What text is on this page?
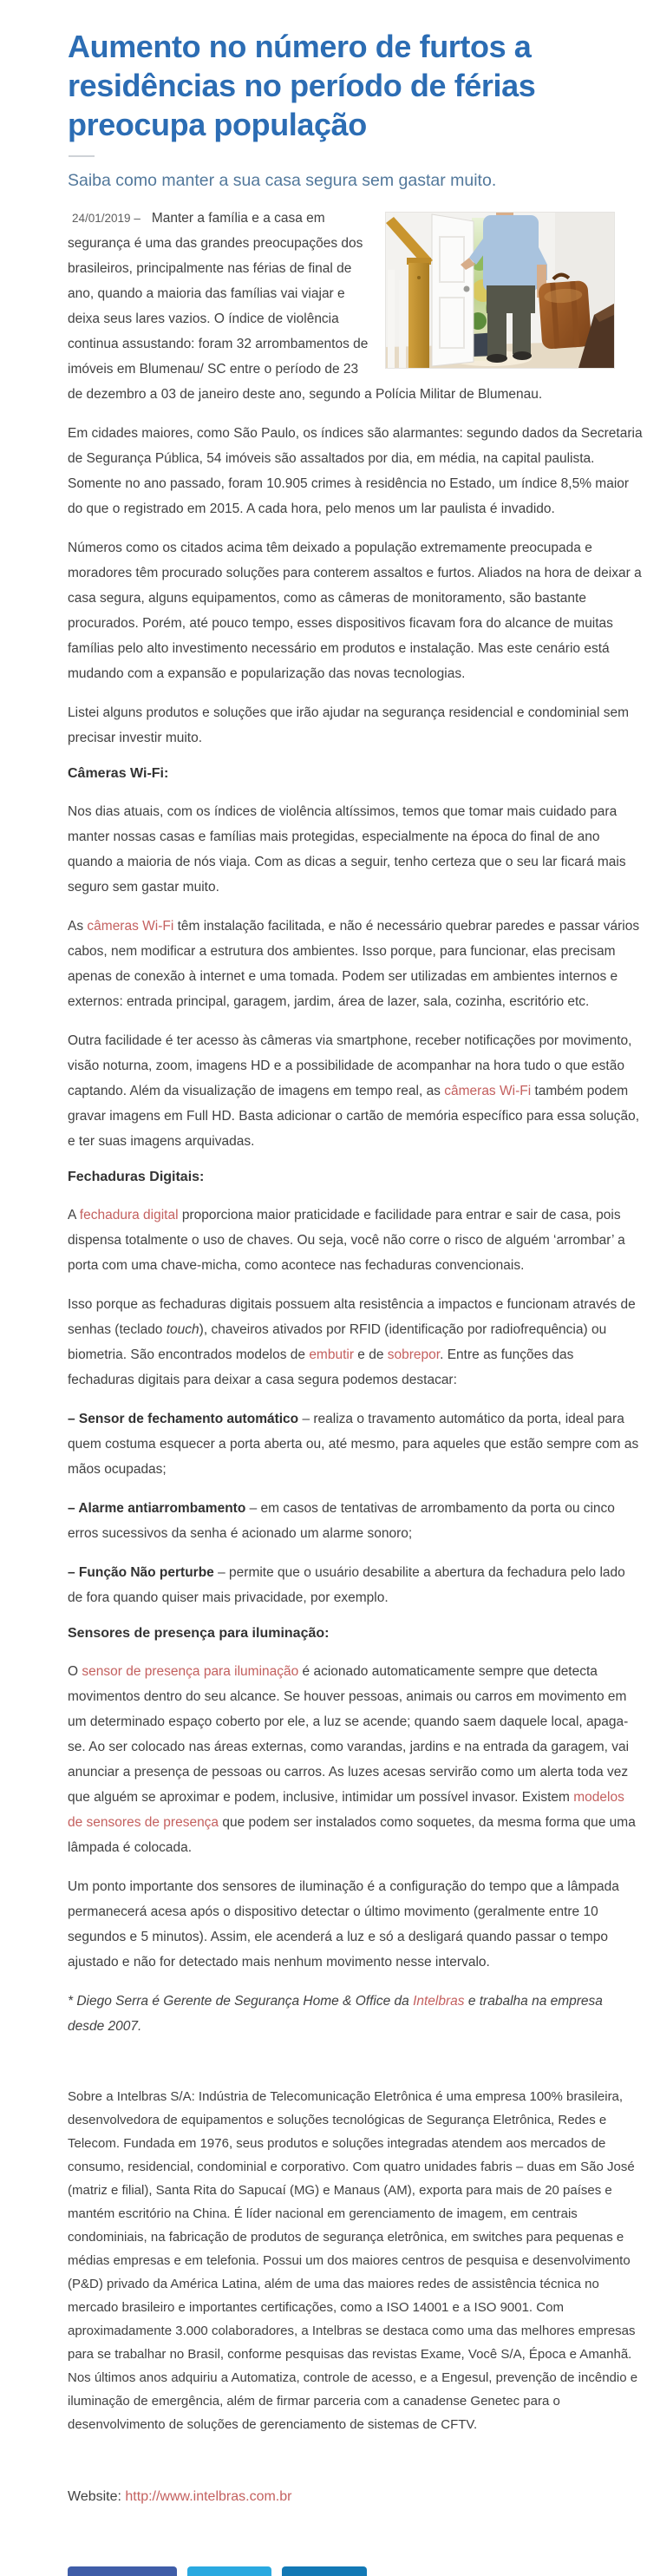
Aumento no número de furtos a residências no período de férias preocupa população
Saiba como manter a sua casa segura sem gastar muito.

24/01/2019 – Manter a família e a casa em segurança é uma das grandes preocupações dos brasileiros, principalmente nas férias de final de ano, quando a maioria das famílias vai viajar e deixa seus lares vazios. O índice de violência continua assustando: foram 32 arrombamentos de imóveis em Blumenau/ SC entre o período de 23 de dezembro a 03 de janeiro deste ano, segundo a Polícia Militar de Blumenau.

Em cidades maiores, como São Paulo, os índices são alarmantes: segundo dados da Secretaria de Segurança Pública, 54 imóveis são assaltados por dia, em média, na capital paulista. Somente no ano passado, foram 10.905 crimes à residência no Estado, um índice 8,5% maior do que o registrado em 2015. A cada hora, pelo menos um lar paulista é invadido.

Números como os citados acima têm deixado a população extremamente preocupada e moradores têm procurado soluções para conterem assaltos e furtos. Aliados na hora de deixar a casa segura, alguns equipamentos, como as câmeras de monitoramento, são bastante procurados. Porém, até pouco tempo, esses dispositivos ficavam fora do alcance de muitas famílias pelo alto investimento necessário em produtos e instalação. Mas este cenário está mudando com a expansão e popularização das novas tecnologias.

Listei alguns produtos e soluções que irão ajudar na segurança residencial e condominial sem precisar investir muito.

Câmeras Wi-Fi:

Nos dias atuais, com os índices de violência altíssimos, temos que tomar mais cuidado para manter nossas casas e famílias mais protegidas, especialmente na época do final de ano quando a maioria de nós viaja. Com as dicas a seguir, tenho certeza que o seu lar ficará mais seguro sem gastar muito.

As câmeras Wi-Fi têm instalação facilitada, e não é necessário quebrar paredes e passar vários cabos, nem modificar a estrutura dos ambientes. Isso porque, para funcionar, elas precisam apenas de conexão à internet e uma tomada. Podem ser utilizadas em ambientes internos e externos: entrada principal, garagem, jardim, área de lazer, sala, cozinha, escritório etc.

Outra facilidade é ter acesso às câmeras via smartphone, receber notificações por movimento, visão noturna, zoom, imagens HD e a possibilidade de acompanhar na hora tudo o que estão captando. Além da visualização de imagens em tempo real, as câmeras Wi-Fi também podem gravar imagens em Full HD. Basta adicionar o cartão de memória específico para essa solução, e ter suas imagens arquivadas.

Fechaduras Digitais:

A fechadura digital proporciona maior praticidade e facilidade para entrar e sair de casa, pois dispensa totalmente o uso de chaves. Ou seja, você não corre o risco de alguém ‘arrombar’ a porta com uma chave-micha, como acontece nas fechaduras convencionais.

Isso porque as fechaduras digitais possuem alta resistência a impactos e funcionam através de senhas (teclado touch), chaveiros ativados por RFID (identificação por radiofrequência) ou biometria. São encontrados modelos de embutir e de sobrepor. Entre as funções das fechaduras digitais para deixar a casa segura podemos destacar:

– Sensor de fechamento automático – realiza o travamento automático da porta, ideal para quem costuma esquecer a porta aberta ou, até mesmo, para aqueles que estão sempre com as mãos ocupadas;

– Alarme antiarrombamento – em casos de tentativas de arrombamento da porta ou cinco erros sucessivos da senha é acionado um alarme sonoro;

– Função Não perturbe – permite que o usuário desabilite a abertura da fechadura pelo lado de fora quando quiser mais privacidade, por exemplo.

Sensores de presença para iluminação:

O sensor de presença para iluminação é acionado automaticamente sempre que detecta movimentos dentro do seu alcance. Se houver pessoas, animais ou carros em movimento em um determinado espaço coberto por ele, a luz se acende; quando saem daquele local, apaga-se. Ao ser colocado nas áreas externas, como varandas, jardins e na entrada da garagem, vai anunciar a presença de pessoas ou carros. As luzes acesas servirão como um alerta toda vez que alguém se aproximar e podem, inclusive, intimidar um possível invasor. Existem modelos de sensores de presença que podem ser instalados como soquetes, da mesma forma que uma lâmpada é colocada.

Um ponto importante dos sensores de iluminação é a configuração do tempo que a lâmpada permanecerá acesa após o dispositivo detectar o último movimento (geralmente entre 10 segundos e 5 minutos). Assim, ele acenderá a luz e só a desligará quando passar o tempo ajustado e não for detectado mais nenhum movimento nesse intervalo.

* Diego Serra é Gerente de Segurança Home & Office da Intelbras e trabalha na empresa desde 2007.

Sobre a Intelbras S/A: Indústria de Telecomunicação Eletrônica é uma empresa 100% brasileira, desenvolvedora de equipamentos e soluções tecnológicas de Segurança Eletrônica, Redes e Telecom. Fundada em 1976, seus produtos e soluções integradas atendem aos mercados de consumo, residencial, condominial e corporativo. Com quatro unidades fabris – duas em São José (matriz e filial), Santa Rita do Sapucaí (MG) e Manaus (AM), exporta para mais de 20 países e mantém escritório na China. É líder nacional em gerenciamento de imagem, em centrais condominiais, na fabricação de produtos de segurança eletrônica, em switches para pequenas e médias empresas e em telefonia. Possui um dos maiores centros de pesquisa e desenvolvimento (P&D) privado da América Latina, além de uma das maiores redes de assistência técnica no mercado brasileiro e importantes certificações, como a ISO 14001 e a ISO 9001. Com aproximadamente 3.000 colaboradores, a Intelbras se destaca como uma das melhores empresas para se trabalhar no Brasil, conforme pesquisas das revistas Exame, Você S/A, Época e Amanhã. Nos últimos anos adquiriu a Automatiza, controle de acesso, e a Engesul, prevenção de incêndio e iluminação de emergência, além de firmar parceria com a canadense Genetec para o desenvolvimento de soluções de gerenciamento de sistemas de CFTV.

Website: http://www.intelbras.com.br
